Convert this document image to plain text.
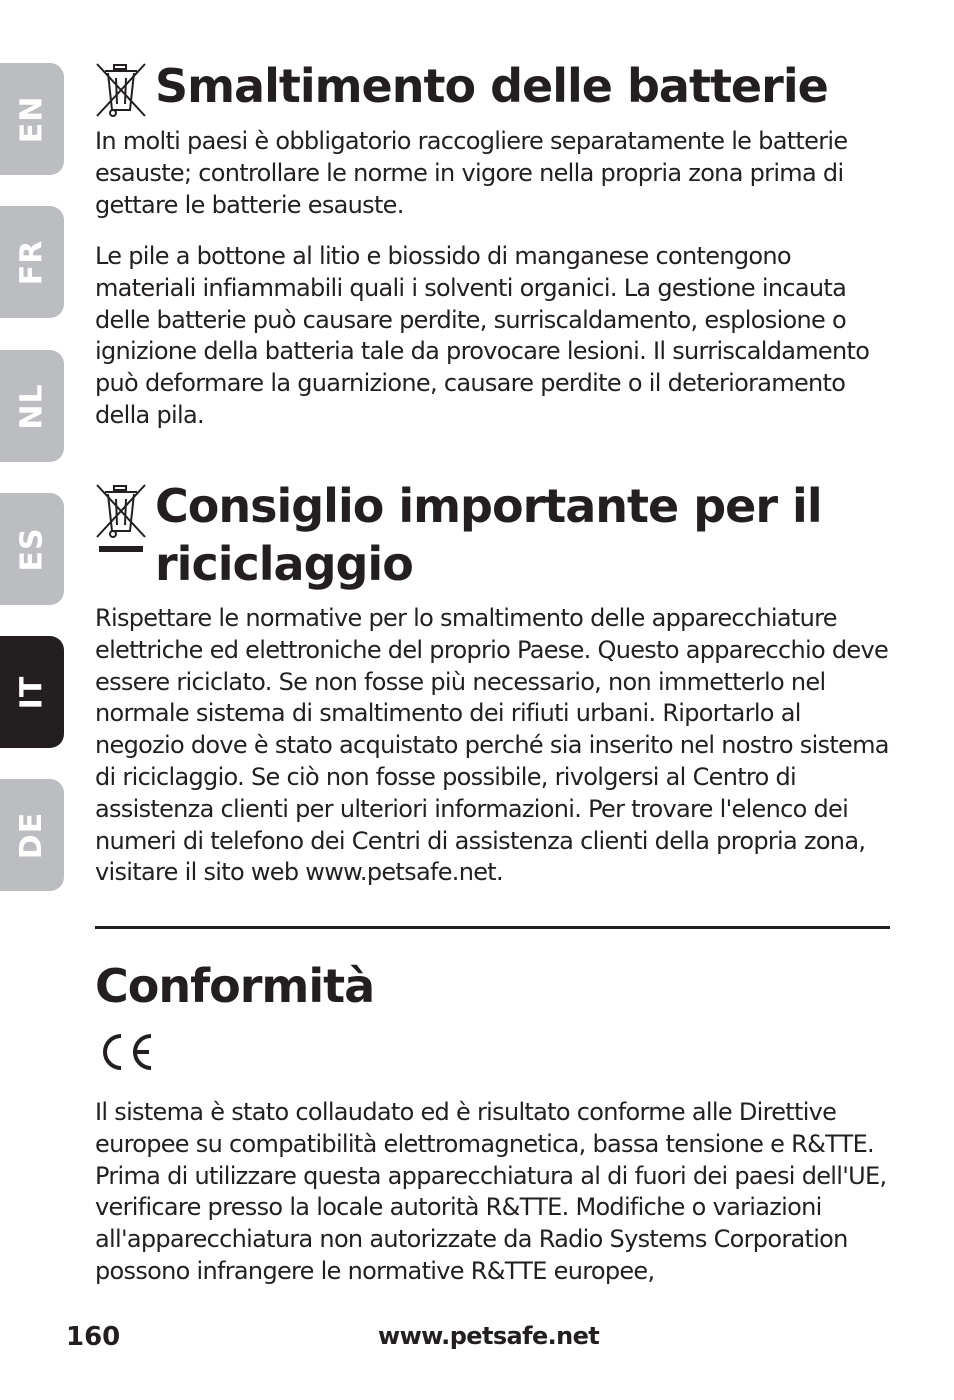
EN
FR
NL
ES
IT
DE
Smaltimento delle batterie
In molti paesi è obbligatorio raccogliere separatamente le batterie esauste; controllare le norme in vigore nella propria zona prima di gettare le batterie esauste.
Le pile a bottone al litio e biossido di manganese contengono materiali infiammabili quali i solventi organici. La gestione incauta delle batterie può causare perdite, surriscaldamento, esplosione o ignizione della batteria tale da provocare lesioni. Il surriscaldamento può deformare la guarnizione, causare perdite o il deterioramento della pila.
Consiglio importante per il riciclaggio
Rispettare le normative per lo smaltimento delle apparecchiature elettriche ed elettroniche del proprio Paese. Questo apparecchio deve essere riciclato. Se non fosse più necessario, non immetterlo nel normale sistema di smaltimento dei rifiuti urbani. Riportarlo al negozio dove è stato acquistato perché sia inserito nel nostro sistema di riciclaggio. Se ciò non fosse possibile, rivolgersi al Centro di assistenza clienti per ulteriori informazioni. Per trovare l'elenco dei numeri di telefono dei Centri di assistenza clienti della propria zona, visitare il sito web www.petsafe.net.
Conformità
Il sistema è stato collaudato ed è risultato conforme alle Direttive europee su compatibilità elettromagnetica, bassa tensione e R&TTE. Prima di utilizzare questa apparecchiatura al di fuori dei paesi dell'UE, verificare presso la locale autorità R&TTE. Modifiche o variazioni all'apparecchiatura non autorizzate da Radio Systems Corporation possono infrangere le normative R&TTE europee,
160	www.petsafe.net
